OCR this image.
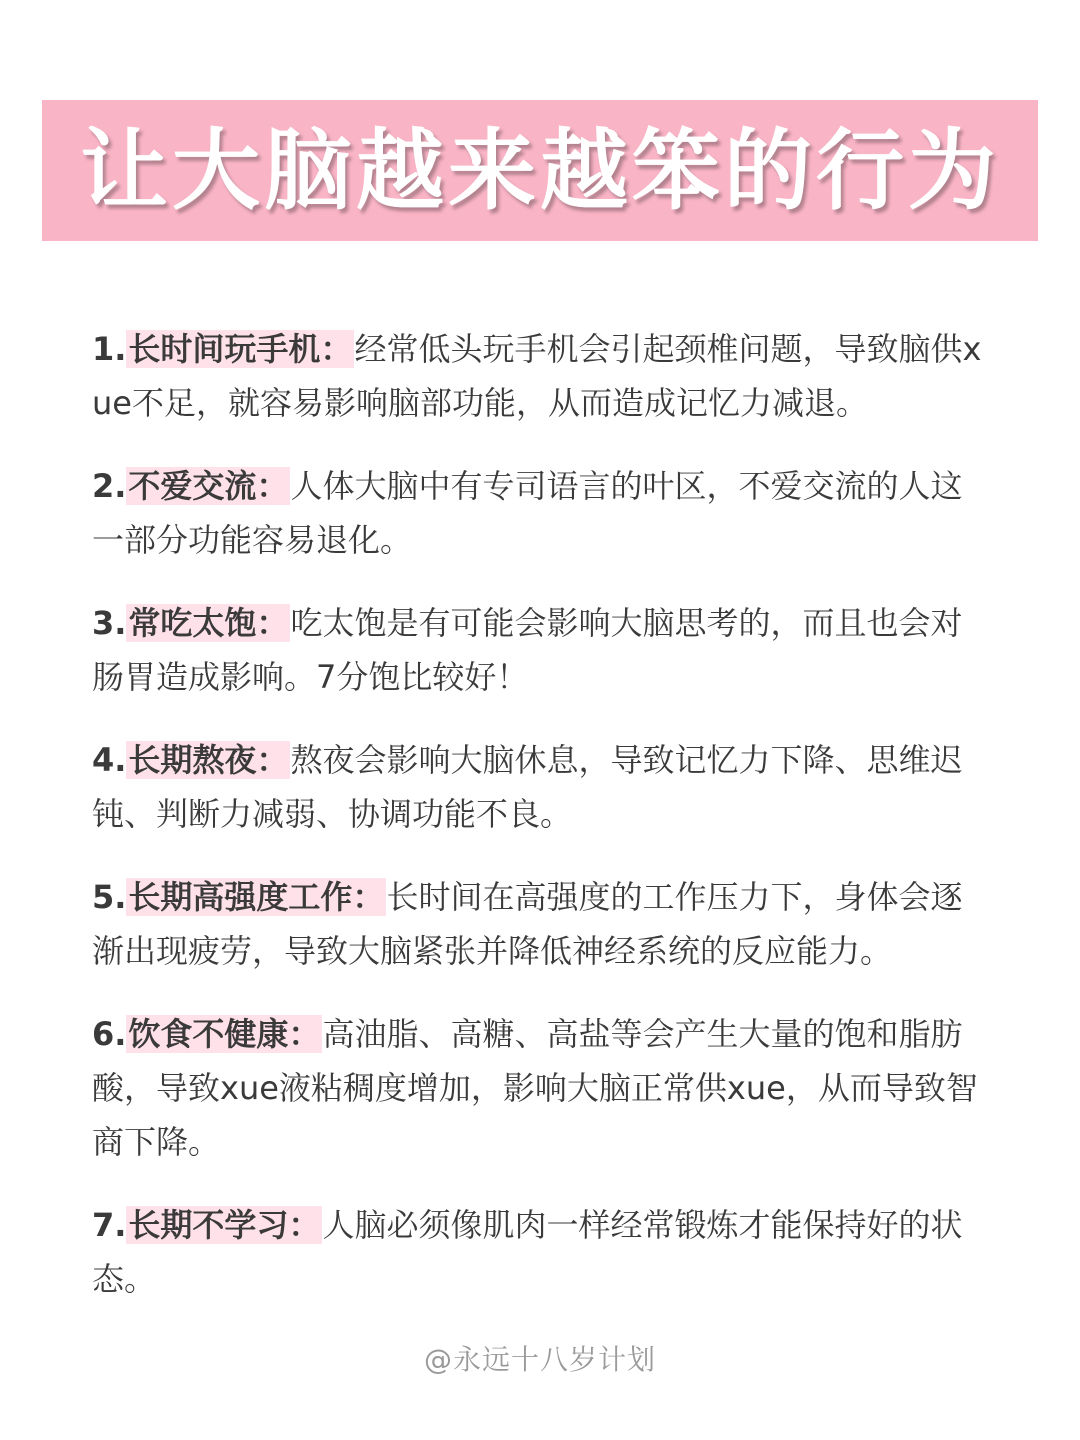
让大脑越来越笨的行为

1.长时间玩手机：经常低头玩手机会引起颈椎问题，导致脑供xue不足，就容易影响脑部功能，从而造成记忆力减退。

2.不爱交流：人体大脑中有专司语言的叶区，不爱交流的人这一部分功能容易退化。

3.常吃太饱：吃太饱是有可能会影响大脑思考的，而且也会对肠胃造成影响。7分饱比较好！

4.长期熬夜：熬夜会影响大脑休息，导致记忆力下降、思维迟钝、判断力减弱、协调功能不良。

5.长期高强度工作：长时间在高强度的工作压力下，身体会逐渐出现疲劳，导致大脑紧张并降低神经系统的反应能力。

6.饮食不健康：高油脂、高糖、高盐等会产生大量的饱和脂肪酸，导致xue液粘稠度增加，影响大脑正常供xue，从而导致智商下降。

7.长期不学习：人脑必须像肌肉一样经常锻炼才能保持好的状态。

@永远十八岁计划
